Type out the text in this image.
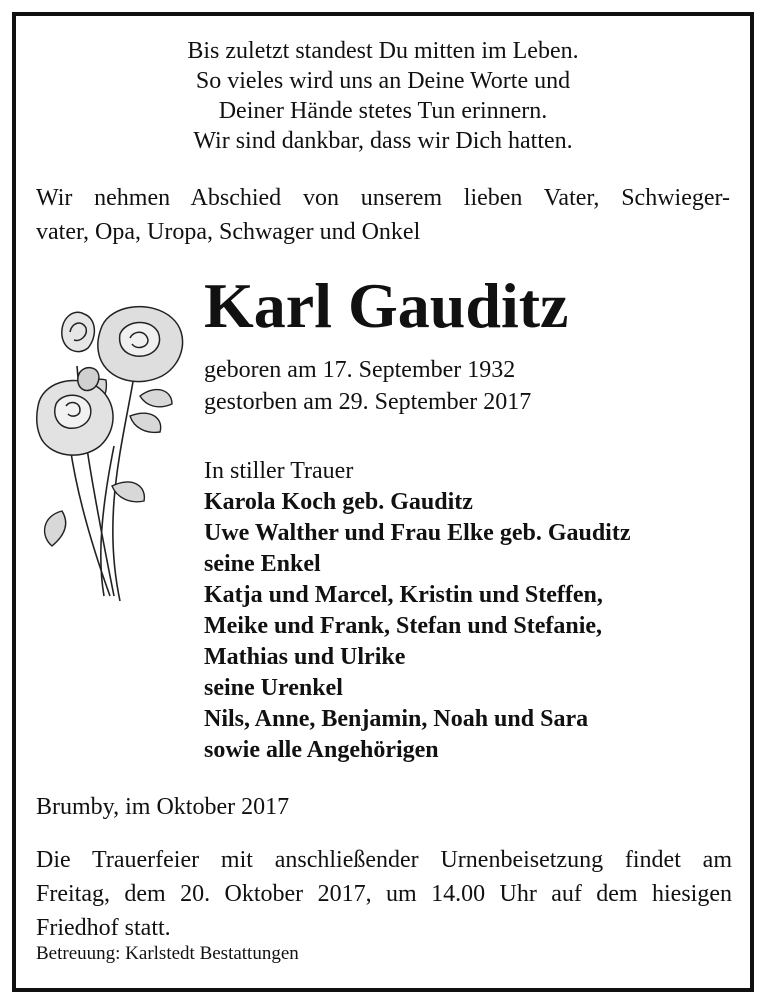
Bis zuletzt standest Du mitten im Leben.
So vieles wird uns an Deine Worte und
Deiner Hände stetes Tun erinnern.
Wir sind dankbar, dass wir Dich hatten.
Wir nehmen Abschied von unserem lieben Vater, Schwieger-
vater, Opa, Uropa, Schwager und Onkel
Karl Gauditz
geboren am 17. September 1932
gestorben am 29. September 2017
In stiller Trauer
Karola Koch geb. Gauditz
Uwe Walther und Frau Elke geb. Gauditz
seine Enkel
Katja und Marcel, Kristin und Steffen,
Meike und Frank, Stefan und Stefanie,
Mathias und Ulrike
seine Urenkel
Nils, Anne, Benjamin, Noah und Sara
sowie alle Angehörigen
Brumby, im Oktober 2017
Die Trauerfeier mit anschließender Urnenbeisetzung findet am
Freitag, dem 20. Oktober 2017, um 14.00 Uhr auf dem hiesigen
Friedhof statt.
Betreuung: Karlstedt Bestattungen
